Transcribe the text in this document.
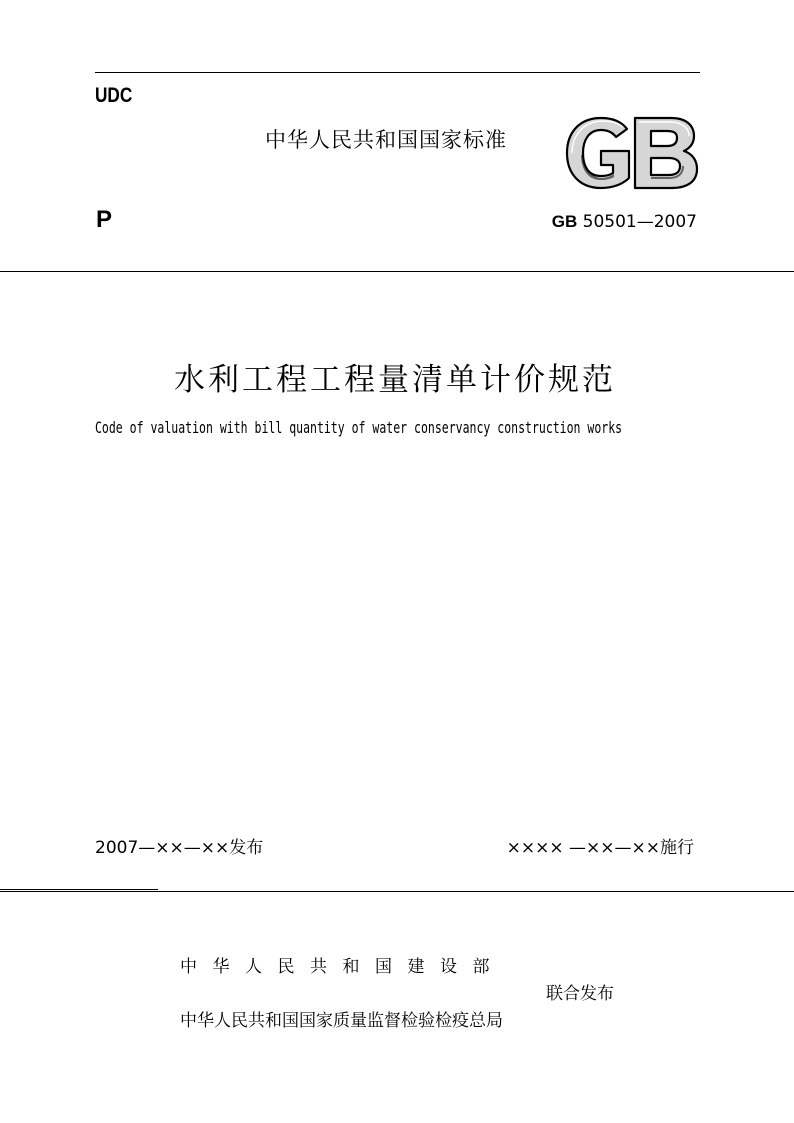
UDC
中华人民共和国国家标准
P	GB 50501—2007
水利工程工程量清单计价规范
Code of valuation with bill quantity of water conservancy construction works
2007—××—××发布	×××× —××—××施行
中华人民共和国建设部
联合发布
中华人民共和国国家质量监督检验检疫总局
